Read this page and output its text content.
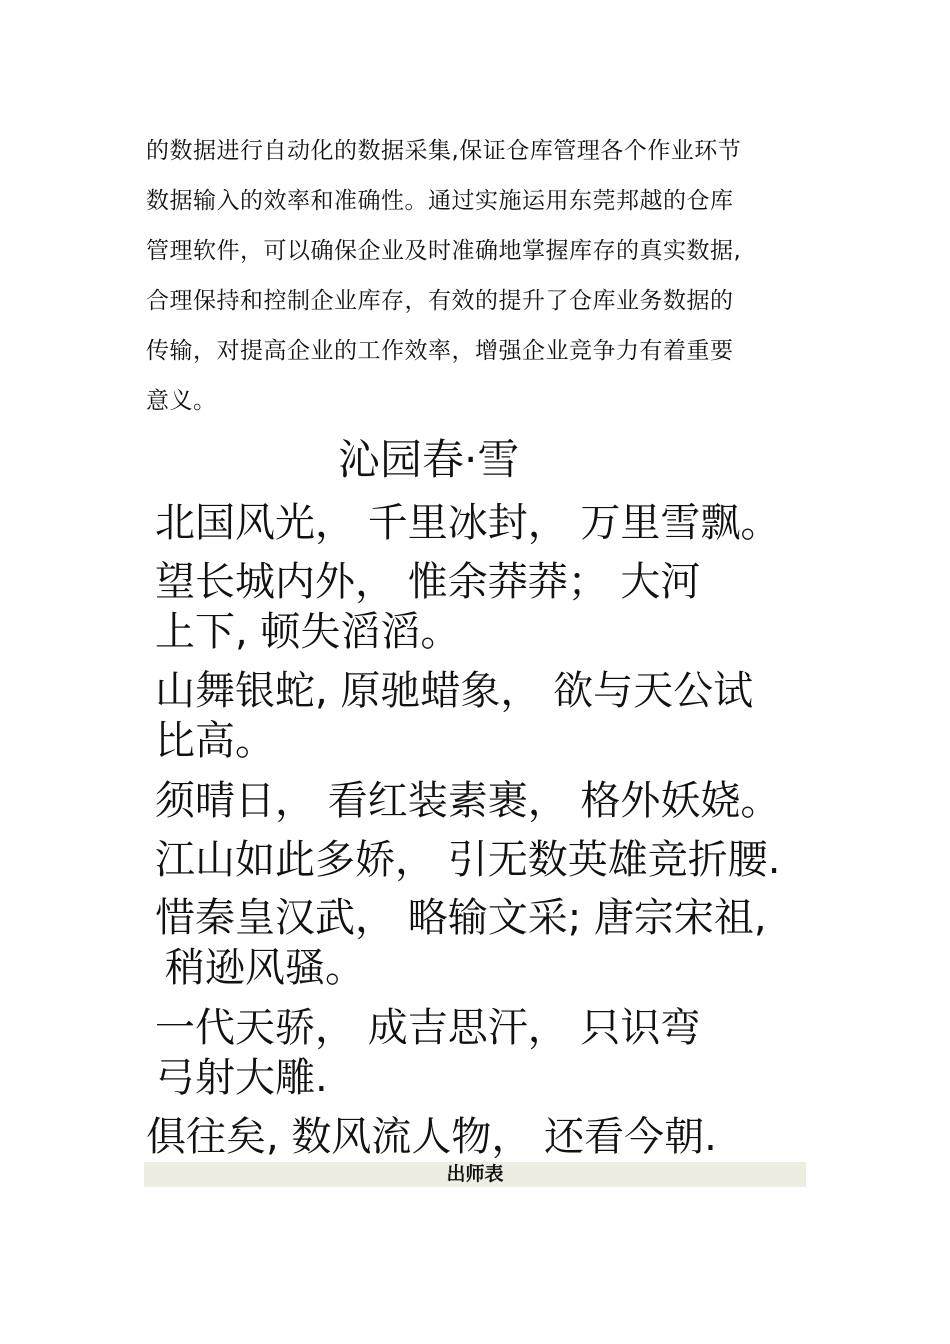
的数据进行自动化的数据采集,保证仓库管理各个作业环节
数据输入的效率和准确性。通过实施运用东莞邦越的仓库
管理软件，可以确保企业及时准确地掌握库存的真实数据,
合理保持和控制企业库存，有效的提升了仓库业务数据的
传输，对提高企业的工作效率，增强企业竞争力有着重要
意义。
沁园春·雪
北国风光， 千里冰封， 万里雪飘。
望长城内外， 惟余莽莽； 大河
上下, 顿失滔滔。
山舞银蛇, 原驰蜡象， 欲与天公试
比高。
须晴日， 看红装素裹， 格外妖娆。
江山如此多娇， 引无数英雄竞折腰.
惜秦皇汉武， 略输文采; 唐宗宋祖,
稍逊风骚。
一代天骄， 成吉思汗， 只识弯
弓射大雕.
俱往矣, 数风流人物， 还看今朝.
出师表
